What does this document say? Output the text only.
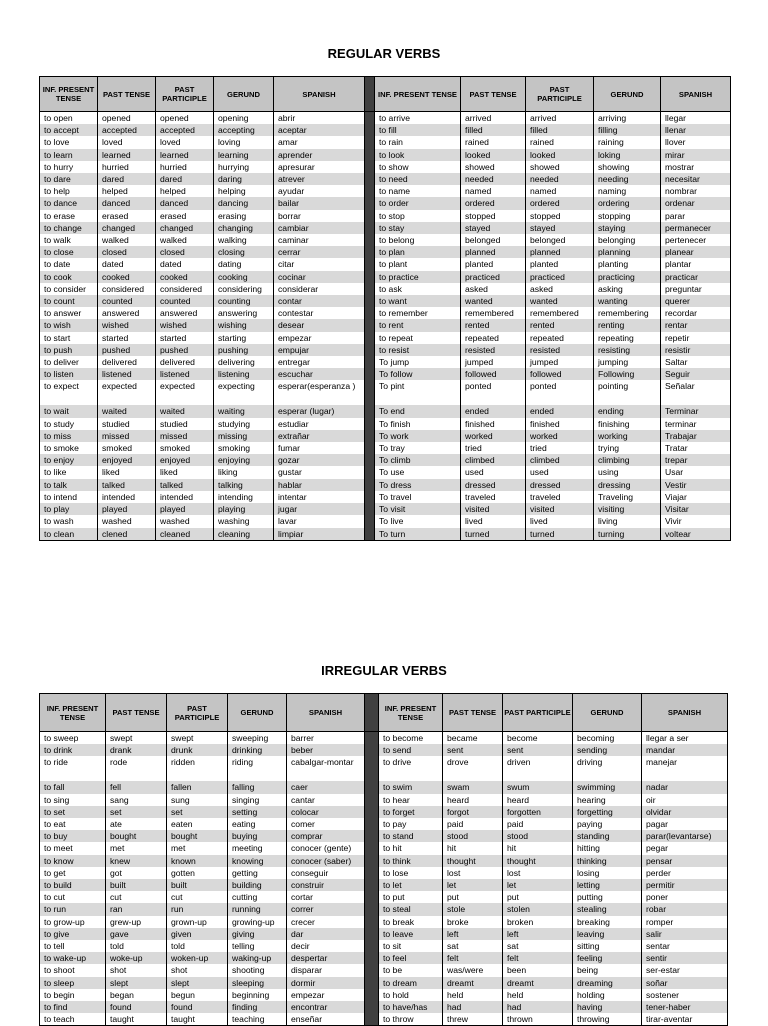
REGULAR VERBS
INF. PRESENT TENSE	PAST TENSE	PAST PARTICIPLE	GERUND	SPANISH		INF. PRESENT TENSE	PAST TENSE	PAST PARTICIPLE	GERUND	SPANISH
to open	opened	opened	opening	abrir		to arrive	arrived	arrived	arriving	llegar
to accept	accepted	accepted	accepting	aceptar		to fill	filled	filled	filling	llenar
to love	loved	loved	loving	amar		to rain	rained	rained	raining	llover
to learn	learned	learned	learning	aprender		to look	looked	looked	loking	mirar
to hurry	hurried	hurried	hurrying	apresurar		to show	showed	showed	showing	mostrar
to dare	dared	dared	daring	atrever		to need	needed	needed	needing	necesitar
to help	helped	helped	helping	ayudar		to name	named	named	naming	nombrar
to dance	danced	danced	dancing	bailar		to order	ordered	ordered	ordering	ordenar
to erase	erased	erased	erasing	borrar		to stop	stopped	stopped	stopping	parar
to change	changed	changed	changing	cambiar		to stay	stayed	stayed	staying	permanecer
to walk	walked	walked	walking	caminar		to belong	belonged	belonged	belonging	pertenecer
to close	closed	closed	closing	cerrar		to plan	planned	planned	planning	planear
to date	dated	dated	dating	citar		to plant	planted	planted	planting	plantar
to cook	cooked	cooked	cooking	cocinar		to practice	practiced	practiced	practicing	practicar
to consider	considered	considered	considering	considerar		to ask	asked	asked	asking	preguntar
to count	counted	counted	counting	contar		to want	wanted	wanted	wanting	querer
to answer	answered	answered	answering	contestar		to remember	remembered	remembered	remembering	recordar
to wish	wished	wished	wishing	desear		to rent	rented	rented	renting	rentar
to start	started	started	starting	empezar		to repeat	repeated	repeated	repeating	repetir
to push	pushed	pushed	pushing	empujar		to resist	resisted	resisted	resisting	resistir
to deliver	delivered	delivered	delivering	entregar		To jump	jumped	jumped	jumping	Saltar
to listen	listened	listened	listening	escuchar		To follow	followed	followed	Following	Seguir
to expect	expected	expected	expecting	esperar(esperanza )		To pint	ponted	ponted	pointing	Señalar
to wait	waited	waited	waiting	esperar (lugar)		To end	ended	ended	ending	Terminar
to study	studied	studied	studying	estudiar		To finish	finished	finished	finishing	terminar
to miss	missed	missed	missing	extrañar		To work	worked	worked	working	Trabajar
to smoke	smoked	smoked	smoking	fumar		To tray	tried	tried	trying	Tratar
to enjoy	enjoyed	enjoyed	enjoying	gozar		To climb	climbed	climbed	climbing	trepar
to like	liked	liked	liking	gustar		To use	used	used	using	Usar
to talk	talked	talked	talking	hablar		To dress	dressed	dressed	dressing	Vestir
to intend	intended	intended	intending	intentar		To travel	traveled	traveled	Traveling	Viajar
to play	played	played	playing	jugar		To visit	visited	visited	visiting	Visitar
to wash	washed	washed	washing	lavar		To live	lived	lived	living	Vivir
to clean	clened	cleaned	cleaning	limpiar		To turn	turned	turned	turning	voltear
IRREGULAR VERBS
INF. PRESENT TENSE	PAST TENSE	PAST PARTICIPLE	GERUND	SPANISH		INF. PRESENT TENSE	PAST TENSE	PAST PARTICIPLE	GERUND	SPANISH
to sweep	swept	swept	sweeping	barrer		to become	became	become	becoming	llegar a ser
to drink	drank	drunk	drinking	beber		to send	sent	sent	sending	mandar
to ride	rode	ridden	riding	cabalgar-montar		to drive	drove	driven	driving	manejar
to fall	fell	fallen	falling	caer		to swim	swam	swum	swimming	nadar
to sing	sang	sung	singing	cantar		to hear	heard	heard	hearing	oir
to set	set	set	setting	colocar		to forget	forgot	forgotten	forgetting	olvidar
to eat	ate	eaten	eating	comer		to pay	paid	paid	paying	pagar
to buy	bought	bought	buying	comprar		to stand	stood	stood	standing	parar(levantarse)
to meet	met	met	meeting	conocer (gente)		to hit	hit	hit	hitting	pegar
to know	knew	known	knowing	conocer (saber)		to think	thought	thought	thinking	pensar
to get	got	gotten	getting	conseguir		to lose	lost	lost	losing	perder
to build	built	built	building	construir		to let	let	let	letting	permitir
to cut	cut	cut	cutting	cortar		to put	put	put	putting	poner
to run	ran	run	running	correr		to steal	stole	stolen	stealing	robar
to grow-up	grew-up	grown-up	growing-up	crecer		to break	broke	broken	breaking	romper
to give	gave	given	giving	dar		to leave	left	left	leaving	salir
to tell	told	told	telling	decir		to sit	sat	sat	sitting	sentar
to wake-up	woke-up	woken-up	waking-up	despertar		to feel	felt	felt	feeling	sentir
to shoot	shot	shot	shooting	disparar		to be	was/were	been	being	ser-estar
to sleep	slept	slept	sleeping	dormir		to dream	dreamt	dreamt	dreaming	soñar
to begin	began	begun	beginning	empezar		to hold	held	held	holding	sostener
to find	found	found	finding	encontrar		to have/has	had	had	having	tener-haber
to teach	taught	taught	teaching	enseñar		to throw	threw	thrown	throwing	tirar-aventar
